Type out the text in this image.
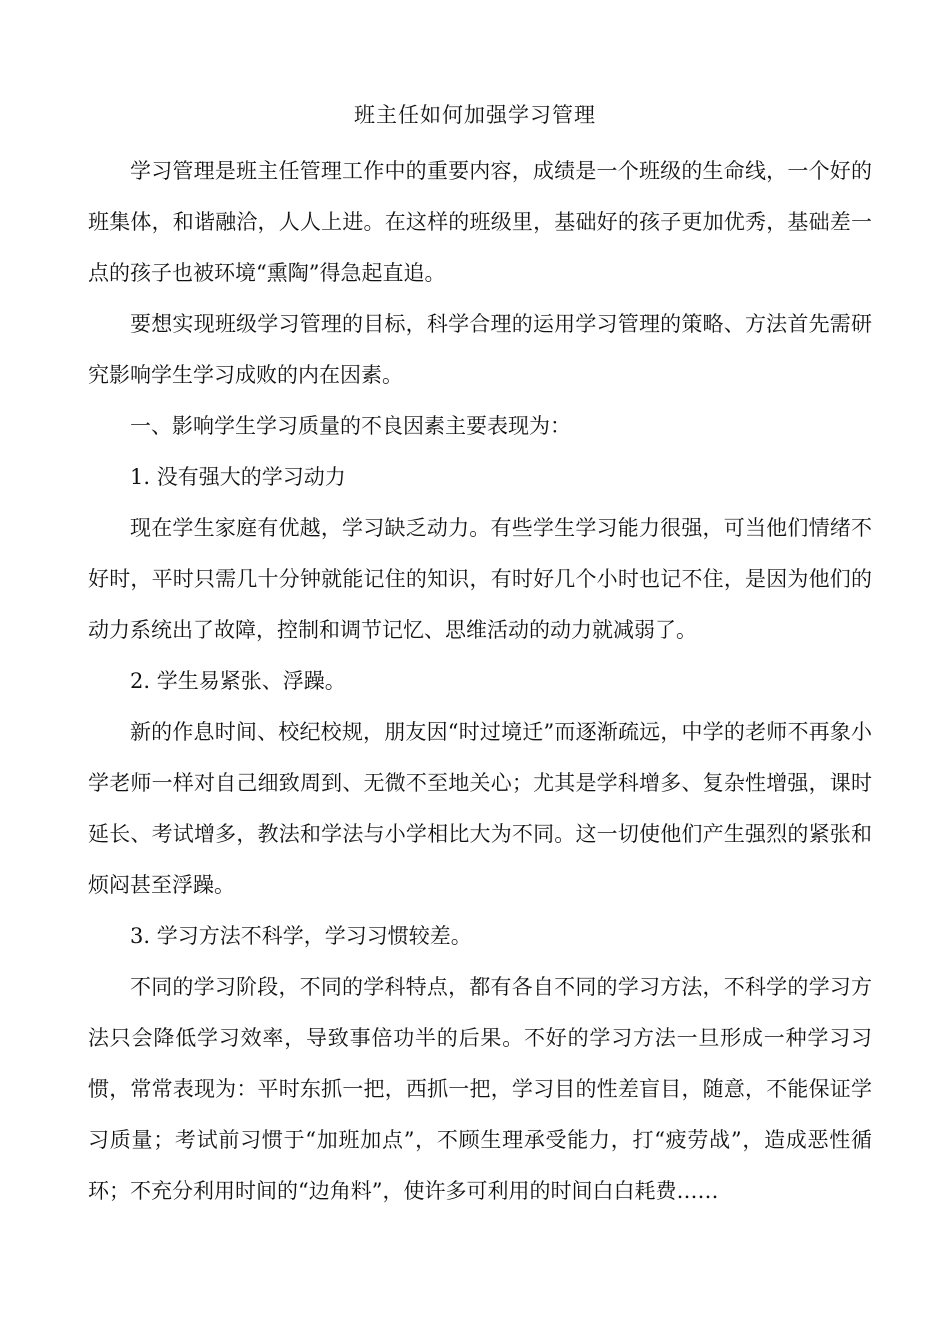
班主任如何加强学习管理

学习管理是班主任管理工作中的重要内容，成绩是一个班级的生命线，一个好的班集体，和谐融洽，人人上进。在这样的班级里，基础好的孩子更加优秀，基础差一点的孩子也被环境“熏陶”得急起直追。

要想实现班级学习管理的目标，科学合理的运用学习管理的策略、方法首先需研究影响学生学习成败的内在因素。

一、影响学生学习质量的不良因素主要表现为：

1. 没有强大的学习动力

现在学生家庭有优越，学习缺乏动力。有些学生学习能力很强，可当他们情绪不好时，平时只需几十分钟就能记住的知识，有时好几个小时也记不住，是因为他们的动力系统出了故障，控制和调节记忆、思维活动的动力就减弱了。

2. 学生易紧张、浮躁。

新的作息时间、校纪校规，朋友因“时过境迁”而逐渐疏远，中学的老师不再象小学老师一样对自己细致周到、无微不至地关心；尤其是学科增多、复杂性增强，课时延长、考试增多，教法和学法与小学相比大为不同。这一切使他们产生强烈的紧张和烦闷甚至浮躁。

3. 学习方法不科学，学习习惯较差。

不同的学习阶段，不同的学科特点，都有各自不同的学习方法，不科学的学习方法只会降低学习效率，导致事倍功半的后果。不好的学习方法一旦形成一种学习习惯，常常表现为：平时东抓一把，西抓一把，学习目的性差盲目，随意，不能保证学习质量；考试前习惯于“加班加点”，不顾生理承受能力，打“疲劳战”，造成恶性循环；不充分利用时间的“边角料”，使许多可利用的时间白白耗费……
